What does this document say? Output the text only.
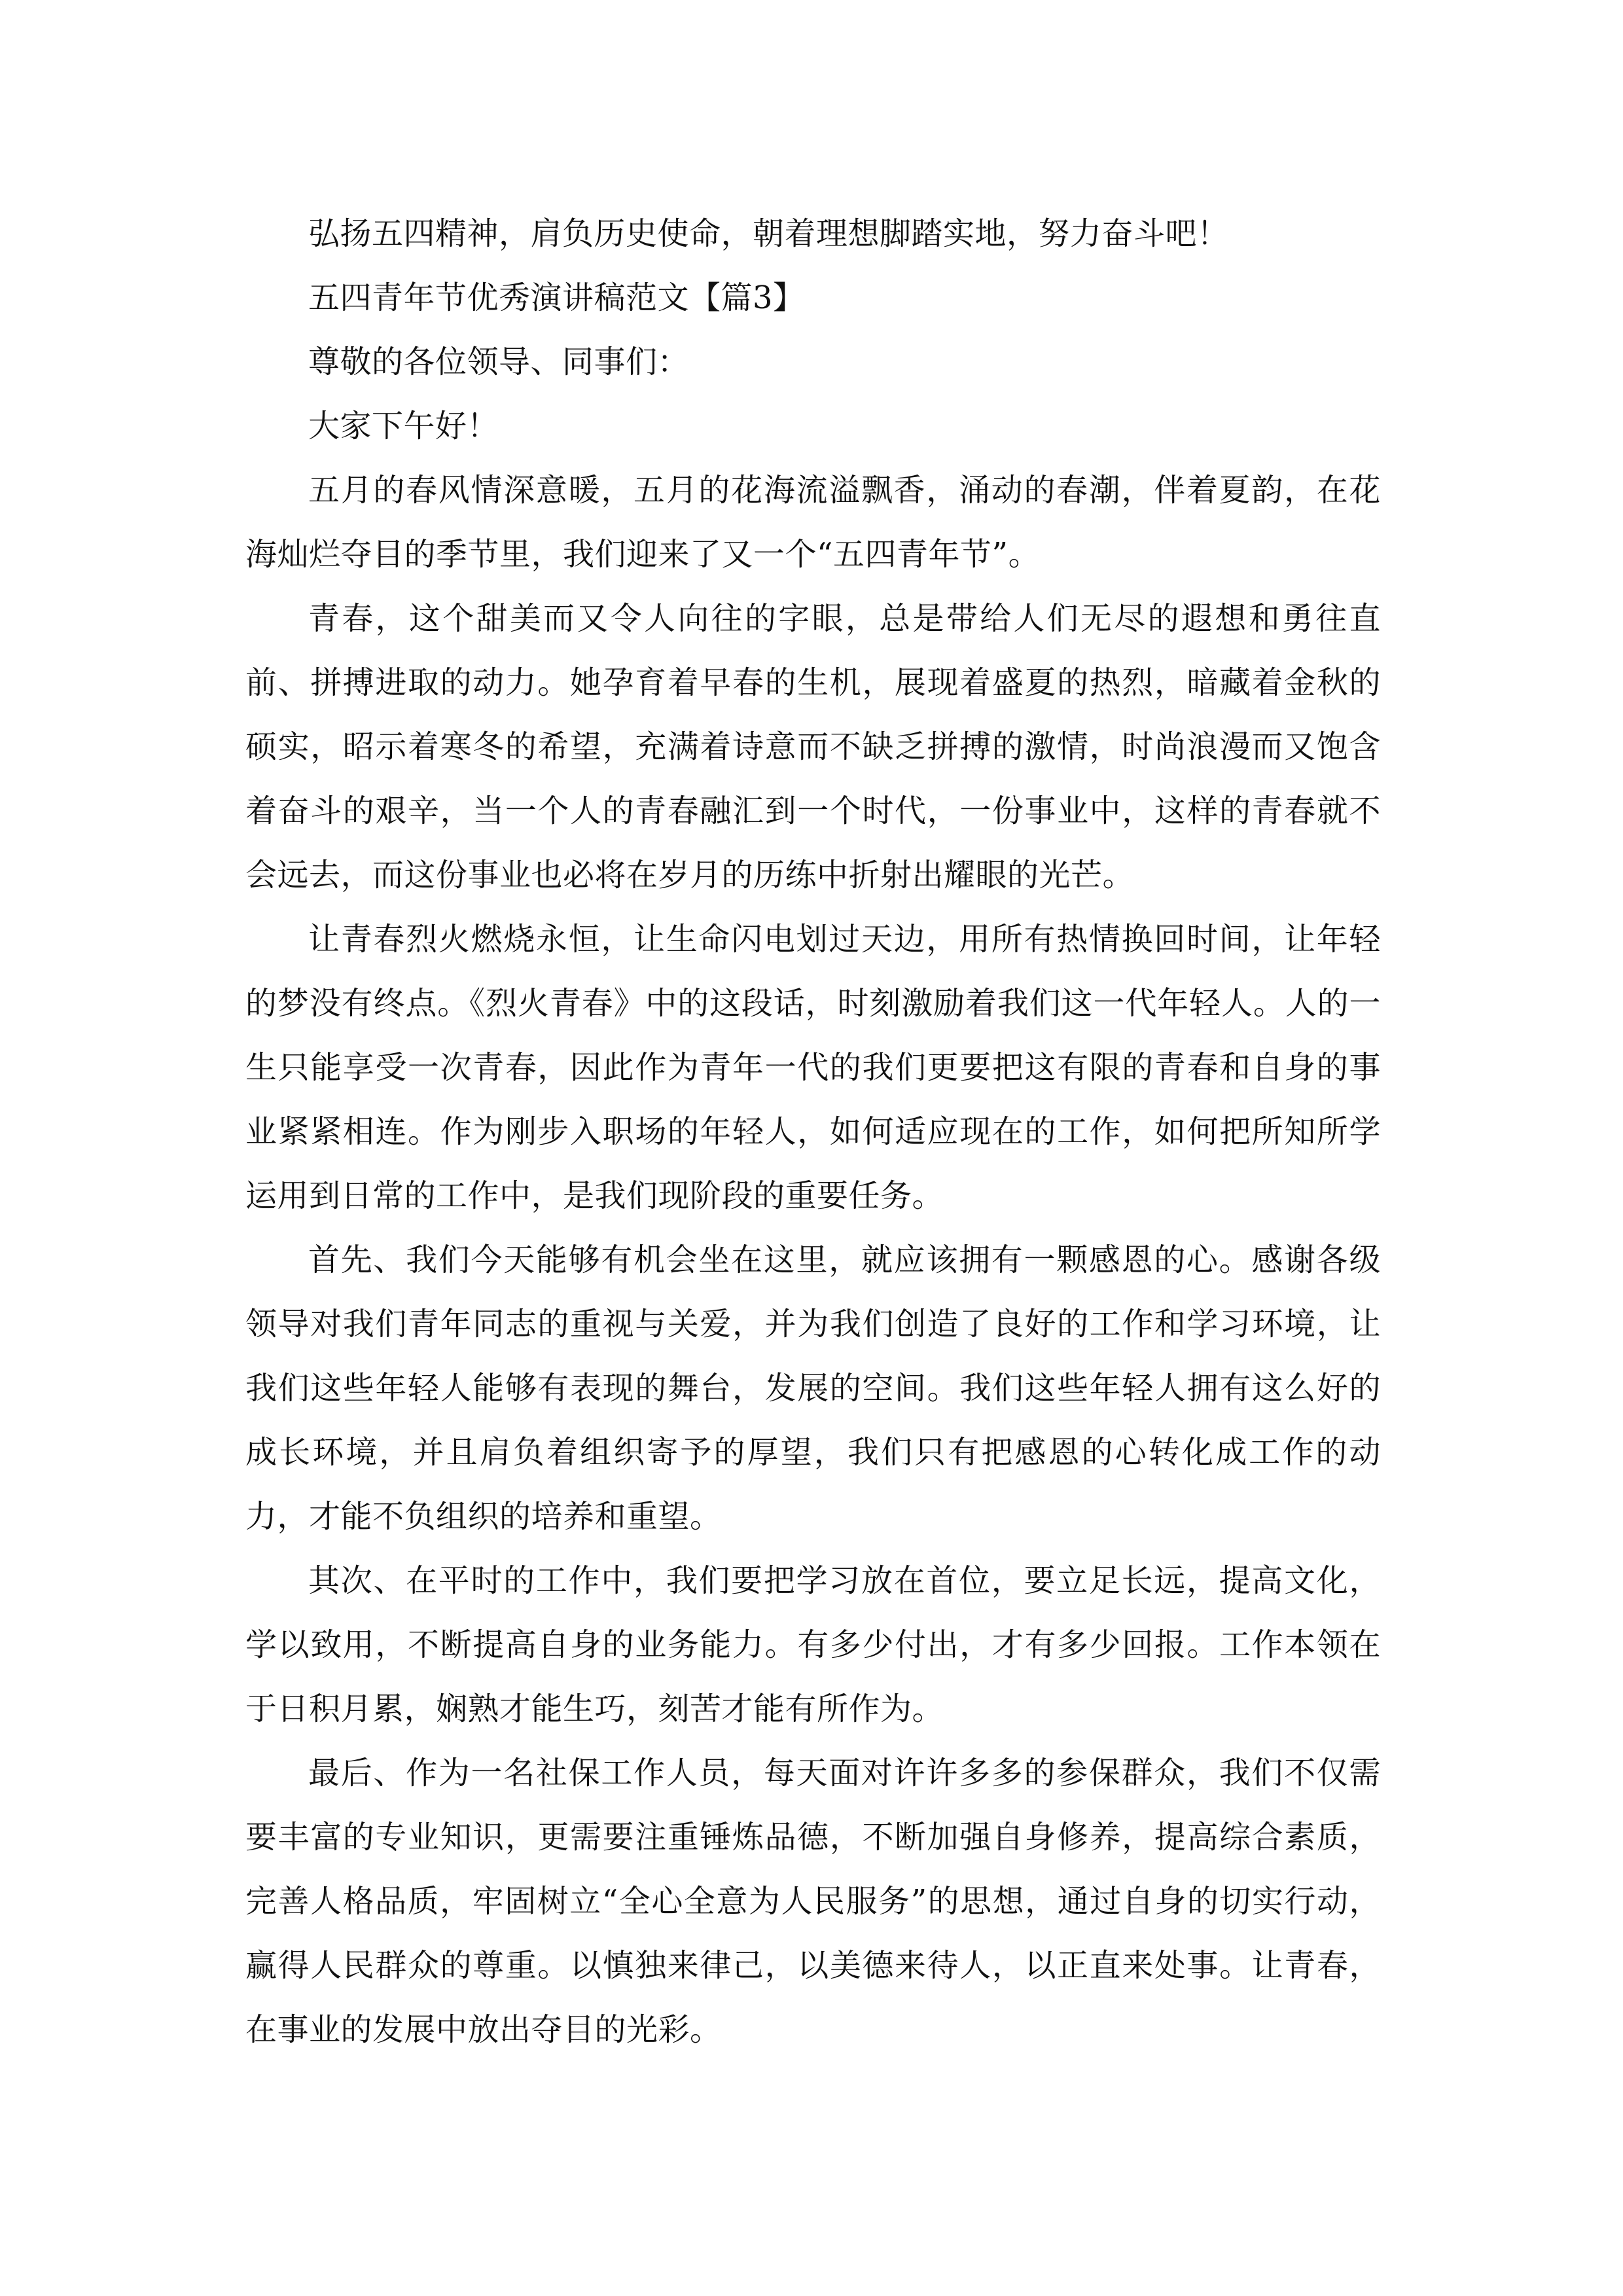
弘扬五四精神，肩负历史使命，朝着理想脚踏实地，努力奋斗吧！

五四青年节优秀演讲稿范文【篇3】

尊敬的各位领导、同事们：

大家下午好！

五月的春风情深意暖，五月的花海流溢飘香，涌动的春潮，伴着夏韵，在花海灿烂夺目的季节里，我们迎来了又一个“五四青年节”。

青春，这个甜美而又令人向往的字眼，总是带给人们无尽的遐想和勇往直前、拼搏进取的动力。她孕育着早春的生机，展现着盛夏的热烈，暗藏着金秋的硕实，昭示着寒冬的希望，充满着诗意而不缺乏拼搏的激情，时尚浪漫而又饱含着奋斗的艰辛，当一个人的青春融汇到一个时代，一份事业中，这样的青春就不会远去，而这份事业也必将在岁月的历练中折射出耀眼的光芒。

让青春烈火燃烧永恒，让生命闪电划过天边，用所有热情换回时间，让年轻的梦没有终点。《烈火青春》中的这段话，时刻激励着我们这一代年轻人。人的一生只能享受一次青春，因此作为青年一代的我们更要把这有限的青春和自身的事业紧紧相连。作为刚步入职场的年轻人，如何适应现在的工作，如何把所知所学运用到日常的工作中，是我们现阶段的重要任务。

首先、我们今天能够有机会坐在这里，就应该拥有一颗感恩的心。感谢各级领导对我们青年同志的重视与关爱，并为我们创造了良好的工作和学习环境，让我们这些年轻人能够有表现的舞台，发展的空间。我们这些年轻人拥有这么好的成长环境，并且肩负着组织寄予的厚望，我们只有把感恩的心转化成工作的动力，才能不负组织的培养和重望。

其次、在平时的工作中，我们要把学习放在首位，要立足长远，提高文化，学以致用，不断提高自身的业务能力。有多少付出，才有多少回报。工作本领在于日积月累，娴熟才能生巧，刻苦才能有所作为。

最后、作为一名社保工作人员，每天面对许许多多的参保群众，我们不仅需要丰富的专业知识，更需要注重锤炼品德，不断加强自身修养，提高综合素质，完善人格品质，牢固树立“全心全意为人民服务”的思想，通过自身的切实行动，赢得人民群众的尊重。以慎独来律己，以美德来待人，以正直来处事。让青春，在事业的发展中放出夺目的光彩。
